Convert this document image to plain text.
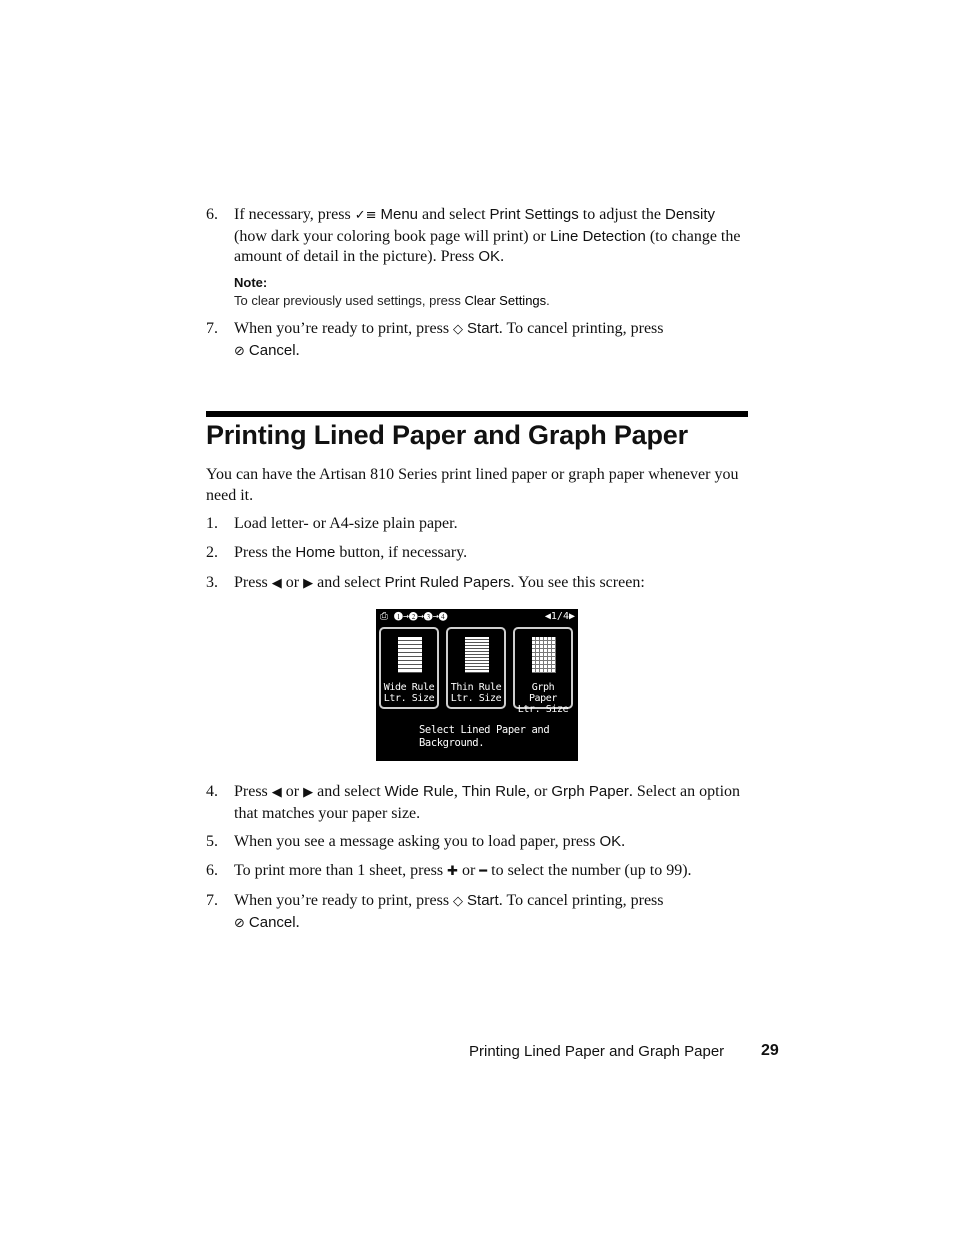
6. If necessary, press ✓≡ Menu and select Print Settings to adjust the Density (how dark your coloring book page will print) or Line Detection (to change the amount of detail in the picture). Press OK.
Note:
To clear previously used settings, press Clear Settings.
7. When you’re ready to print, press ◇ Start. To cancel printing, press
⊘ Cancel.
Printing Lined Paper and Graph Paper
You can have the Artisan 810 Series print lined paper or graph paper whenever you need it.
1. Load letter- or A4-size plain paper.
2. Press the Home button, if necessary.
3. Press ◀ or ▶ and select Print Ruled Papers. You see this screen:
⎙ ❶→❷→❸→❹	◀1/4▶
Wide Rule
Ltr. Size
Thin Rule
Ltr. Size
Grph Paper
Ltr. Size
Select Lined Paper and
Background.
4. Press ◀ or ▶ and select Wide Rule, Thin Rule, or Grph Paper. Select an option that matches your paper size.
5. When you see a message asking you to load paper, press OK.
6. To print more than 1 sheet, press ✚ or ━ to select the number (up to 99).
7. When you’re ready to print, press ◇ Start. To cancel printing, press
⊘ Cancel.
Printing Lined Paper and Graph Paper 29
